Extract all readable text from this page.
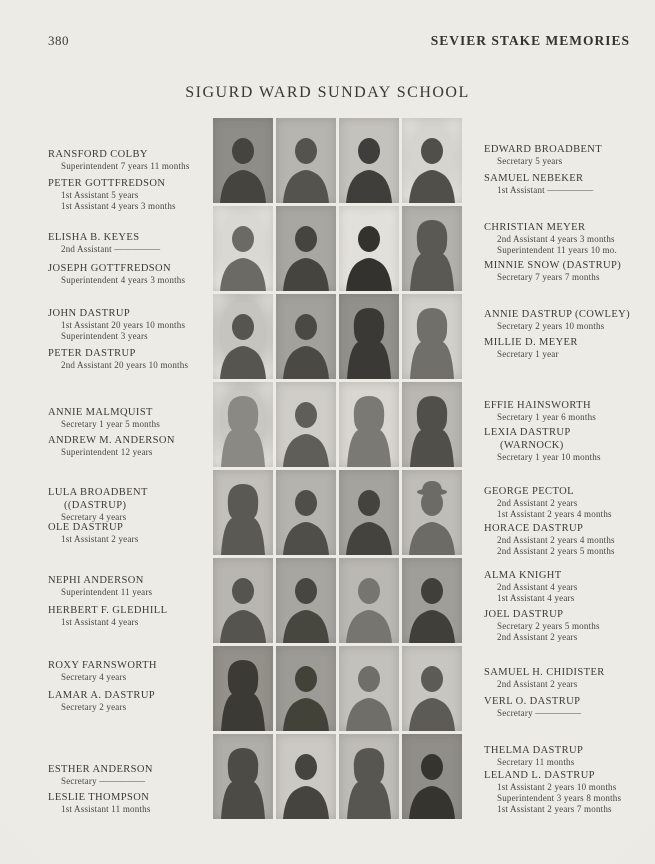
380	SEVIER STAKE MEMORIES
SIGURD WARD SUNDAY SCHOOL
RANSFORD COLBY
Superintendent 7 years 11 months
PETER GOTTFREDSON
1st Assistant 5 years
1st Assistant 4 years 3 months
ELISHA B. KEYES
2nd Assistant —————
JOSEPH GOTTFREDSON
Superintendent 4 years 3 months
JOHN DASTRUP
1st Assistant 20 years 10 months
Superintendent 3 years
PETER DASTRUP
2nd Assistant 20 years 10 months
ANNIE MALMQUIST
Secretary 1 year 5 months
ANDREW M. ANDERSON
Superintendent 12 years
LULA BROADBENT
((DASTRUP)
Secretary 4 years
OLE DASTRUP
1st Assistant 2 years
NEPHI ANDERSON
Superintendent 11 years
HERBERT F. GLEDHILL
1st Assistant 4 years
ROXY FARNSWORTH
Secretary 4 years
LAMAR A. DASTRUP
Secretary 2 years
ESTHER ANDERSON
Secretary —————
LESLIE THOMPSON
1st Assistant 11 months
EDWARD BROADBENT
Secretary 5 years
SAMUEL NEBEKER
1st Assistant —————
CHRISTIAN MEYER
2nd Assistant 4 years 3 months
Superintendent 11 years 10 mo.
MINNIE SNOW (DASTRUP)
Secretary 7 years 7 months
ANNIE DASTRUP (COWLEY)
Secretary 2 years 10 months
MILLIE D. MEYER
Secretary 1 year
EFFIE HAINSWORTH
Secretary 1 year 6 months
LEXIA DASTRUP
(WARNOCK)
Secretary 1 year 10 months
GEORGE PECTOL
2nd Assistant 2 years
1st Assistant 2 years 4 months
HORACE DASTRUP
2nd Assistant 2 years 4 months
2nd Assistant 2 years 5 months
ALMA KNIGHT
2nd Assistant 4 years
1st Assistant 4 years
JOEL DASTRUP
Secretary 2 years 5 months
2nd Assistant 2 years
SAMUEL H. CHIDISTER
2nd Assistant 2 years
VERL O. DASTRUP
Secretary —————
THELMA DASTRUP
Secretary 11 months
LELAND L. DASTRUP
1st Assistant 2 years 10 months
Superintendent 3 years 8 months
1st Assistant 2 years 7 months
